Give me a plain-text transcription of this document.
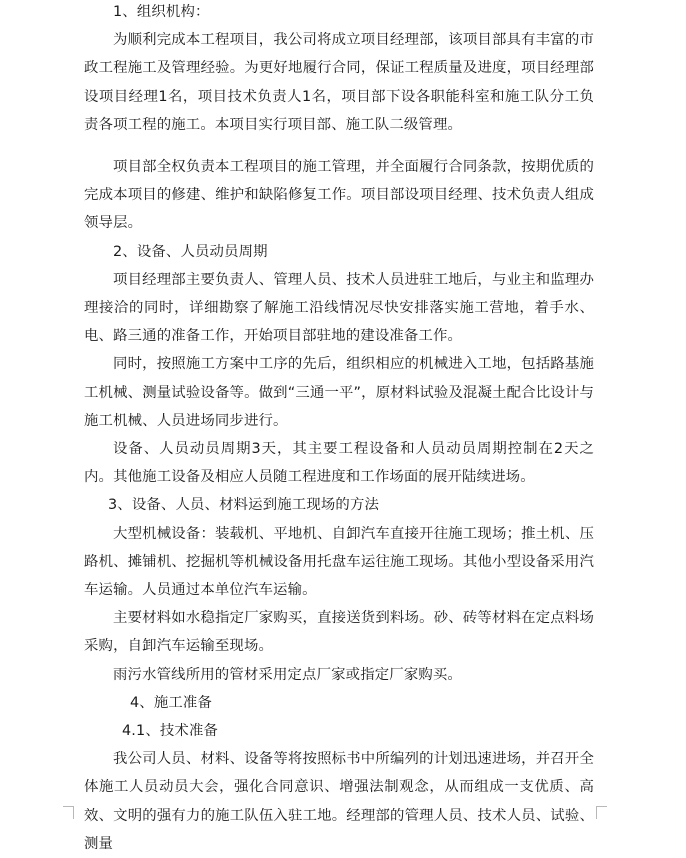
1、组织机构：

为顺利完成本工程项目，我公司将成立项目经理部，该项目部具有丰富的市政工程施工及管理经验。为更好地履行合同，保证工程质量及进度，项目经理部设项目经理1名，项目技术负责人1名，项目部下设各职能科室和施工队分工负责各项工程的施工。本项目实行项目部、施工队二级管理。

项目部全权负责本工程项目的施工管理，并全面履行合同条款，按期优质的完成本项目的修建、维护和缺陷修复工作。项目部设项目经理、技术负责人组成领导层。

2、设备、人员动员周期

项目经理部主要负责人、管理人员、技术人员进驻工地后，与业主和监理办理接洽的同时，详细勘察了解施工沿线情况尽快安排落实施工营地，着手水、电、路三通的准备工作，开始项目部驻地的建设准备工作。

同时，按照施工方案中工序的先后，组织相应的机械进入工地，包括路基施工机械、测量试验设备等。做到“三通一平”，原材料试验及混凝土配合比设计与施工机械、人员进场同步进行。

设备、人员动员周期3天，其主要工程设备和人员动员周期控制在2天之内。其他施工设备及相应人员随工程进度和工作场面的展开陆续进场。

3、设备、人员、材料运到施工现场的方法

大型机械设备：装载机、平地机、自卸汽车直接开往施工现场；推土机、压路机、摊铺机、挖掘机等机械设备用托盘车运往施工现场。其他小型设备采用汽车运输。人员通过本单位汽车运输。

主要材料如水稳指定厂家购买，直接送货到料场。砂、砖等材料在定点料场采购，自卸汽车运输至现场。

雨污水管线所用的管材采用定点厂家或指定厂家购买。

4、施工准备

4.1、技术准备

我公司人员、材料、设备等将按照标书中所编列的计划迅速进场，并召开全体施工人员动员大会，强化合同意识、增强法制观念，从而组成一支优质、高效、文明的强有力的施工队伍入驻工地。经理部的管理人员、技术人员、试验、测量
